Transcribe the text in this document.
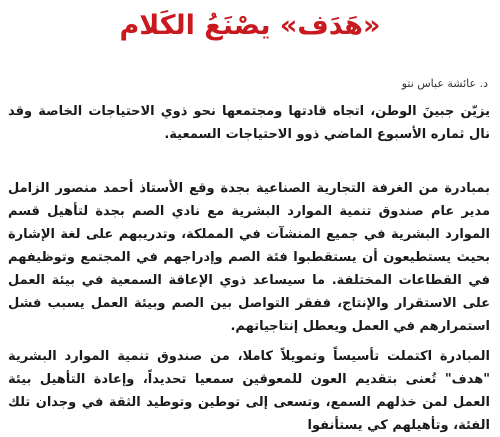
«هَدَف» يصْنَعُ الكَلام

د. عائشة عباس نتو

يزيّن جبينَ الوطن، اتجاه قادتها ومجتمعها نحو ذوي الاحتياجات الخاصة وقد نال ثماره الأسبوع الماضي ذوو الاحتياجات السمعية.

بمبادرة من الغرفة التجارية الصناعية بجدة وقع الأستاذ أحمد منصور الزامل مدير عام صندوق تنمية الموارد البشرية مع نادي الصم بجدة لتأهيل قسم الموارد البشرية في جميع المنشآت في المملكة، وتدريبهم على لغة الإشارة بحيث يستطيعون أن يستقطبوا فئة الصم وإدراجهم في المجتمع وتوظيفهم في القطاعات المختلفة. ما سيساعد ذوي الإعاقة السمعية في بيئة العمل على الاستقرار والإنتاج، ففقر التواصل بين الصم وبيئة العمل يسبب فشل استمرارهم في العمل ويعطل إنتاجياتهم.

المبادرة اكتملت تأسيساً وتمويلاً كاملا، من صندوق تنمية الموارد البشرية "هدف" تُعنى بتقديم العون للمعوقين سمعيا تحديداً، وإعادة التأهيل بيئة العمل لمن خذلهم السمع، وتسعى إلى توطين وتوطيد الثقة في وجدان تلك الفئة، وتأهيلهم كي يستأنفوا
